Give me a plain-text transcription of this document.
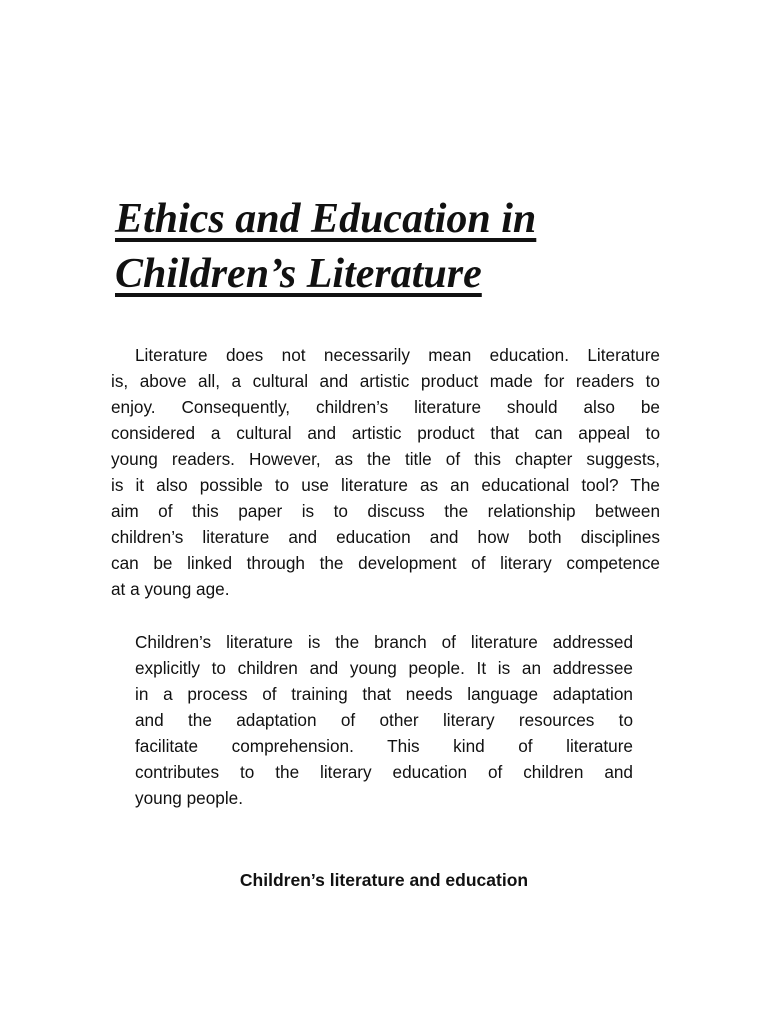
Ethics and Education in
Children’s Literature
Literature does not necessarily mean education. Literature
is, above all, a cultural and artistic product made for readers to
enjoy. Consequently, children’s literature should also be
considered a cultural and artistic product that can appeal to
young readers. However, as the title of this chapter suggests,
is it also possible to use literature as an educational tool? The
aim of this paper is to discuss the relationship between
children’s literature and education and how both disciplines
can be linked through the development of literary competence
at a young age.
Children’s literature is the branch of literature addressed
explicitly to children and young people. It is an addressee
in a process of training that needs language adaptation
and the adaptation of other literary resources to
facilitate comprehension. This kind of literature
contributes to the literary education of children and
young people.
Children’s literature and education
